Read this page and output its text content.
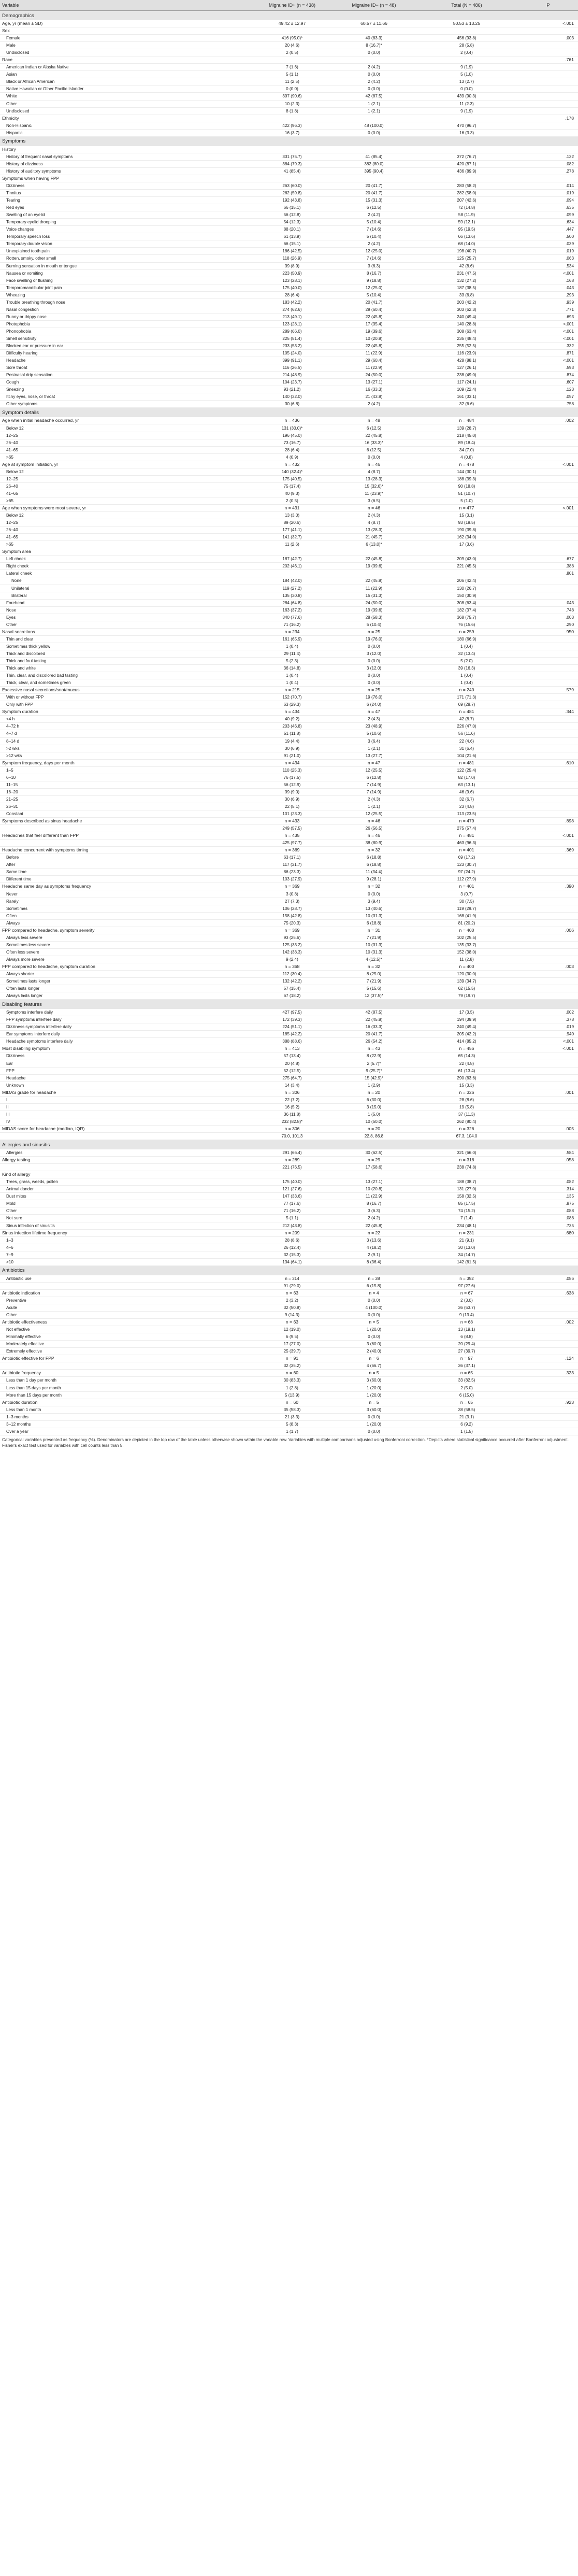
Variable	Migraine ID+ (n = 438)	Migraine ID− (n = 48)	Total (N = 486)	P
Demographics				
Age, yr (mean ± SD)	49.42 ± 12.97	60.57 ± 11.66	50.53 ± 13.25	<.001
Sex				
Female	416 (95.0)*	40 (83.3)	456 (93.8)	.003
Male	20 (4.6)	8 (16.7)*	28 (5.8)	
Undisclosed	2 (0.5)	0 (0.0)	2 (0.4)	
Race				.761
American Indian or Alaska Native	7 (1.6)	2 (4.2)	9 (1.9)	
Asian	5 (1.1)	0 (0.0)	5 (1.0)	
Black or African American	11 (2.5)	2 (4.2)	13 (2.7)	
Native Hawaiian or Other Pacific Islander	0 (0.0)	0 (0.0)	0 (0.0)	
White	397 (90.6)	42 (87.5)	439 (90.3)	
Other	10 (2.3)	1 (2.1)	11 (2.3)	
Undisclosed	8 (1.8)	1 (2.1)	9 (1.9)	
Ethnicity				.178
Non-Hispanic	422 (96.3)	48 (100.0)	470 (96.7)	
Hispanic	16 (3.7)	0 (0.0)	16 (3.3)	
Symptoms				
History				
History of frequent nasal symptoms	331 (75.7)	41 (85.4)	372 (76.7)	.132
History of dizziness	384 (79.3)	382 (80.0)	420 (87.1)	.082
History of auditory symptoms	41 (85.4)	395 (90.4)	436 (89.9)	.278
Symptoms when having FPP				
Dizziness	263 (60.0)	20 (41.7)	283 (58.2)	.014
Tinnitus	262 (59.8)	20 (41.7)	282 (58.0)	.019
Tearing	192 (43.8)	15 (31.3)	207 (42.6)	.094
Red eyes	66 (15.1)	6 (12.5)	72 (14.8)	.635
Swelling of an eyelid	56 (12.8)	2 (4.2)	58 (11.9)	.099
Temporary eyelid drooping	54 (12.3)	5 (10.4)	59 (12.1)	.634
Voice changes	88 (20.1)	7 (14.6)	95 (19.5)	.447
Temporary speech loss	61 (13.9)	5 (10.4)	66 (13.6)	.500
Temporary double vision	66 (15.1)	2 (4.2)	68 (14.0)	.039
Unexplained tooth pain	186 (42.5)	12 (25.0)	198 (40.7)	.019
Rotten, smoky, other smell	118 (26.9)	7 (14.6)	125 (25.7)	.063
Burning sensation in mouth or tongue	39 (8.9)	3 (6.3)	42 (8.6)	.534
Nausea or vomiting	223 (50.9)	8 (16.7)	231 (47.5)	<.001
Face swelling or flushing	123 (28.1)	9 (18.8)	132 (27.2)	.168
Temporomandibular joint pain	175 (40.0)	12 (25.0)	187 (38.5)	.043
Wheezing	28 (6.4)	5 (10.4)	33 (6.8)	.293
Trouble breathing through nose	183 (42.2)	20 (41.7)	203 (42.2)	.939
Nasal congestion	274 (62.6)	29 (60.4)	303 (62.3)	.771
Runny or drippy nose	213 (49.1)	22 (45.8)	240 (49.4)	.693
Photophobia	123 (28.1)	17 (35.4)	140 (28.8)	<.001
Phonophobia	289 (66.0)	19 (39.6)	308 (63.4)	<.001
Smell sensitivity	225 (51.4)	10 (20.8)	235 (48.4)	<.001
Blocked ear or pressure in ear	233 (53.2)	22 (45.8)	255 (52.5)	.332
Difficulty hearing	105 (24.0)	11 (22.9)	116 (23.9)	.871
Headache	399 (91.1)	29 (60.4)	428 (88.1)	<.001
Sore throat	116 (26.5)	11 (22.9)	127 (26.1)	.593
Postnasal drip sensation	214 (48.9)	24 (50.0)	238 (49.0)	.874
Cough	104 (23.7)	13 (27.1)	117 (24.1)	.607
Sneezing	93 (21.2)	16 (33.3)	109 (22.4)	.123
Itchy eyes, nose, or throat	140 (32.0)	21 (43.8)	161 (33.1)	.057
Other symptoms	30 (6.8)	2 (4.2)	32 (6.6)	.758
Symptom details				
Age when initial headache occurred, yr	n = 436	n = 48	n = 484	.002
Below 12	131 (30.0)*	6 (12.5)	139 (28.7)	
12–25	196 (45.0)	22 (45.8)	218 (45.0)	
26–40	73 (16.7)	16 (33.3)*	89 (18.4)	
41–65	28 (6.4)	6 (12.5)	34 (7.0)	
>65	4 (0.9)	0 (0.0)	4 (0.8)	
Age at symptom initiation, yr	n = 432	n = 46	n = 478	<.001
Below 12	140 (32.4)*	4 (8.7)	144 (30.1)	
12–25	175 (40.5)	13 (28.3)	188 (39.3)	
26–40	75 (17.4)	15 (32.6)*	90 (18.8)	
41–65	40 (9.3)	11 (23.9)*	51 (10.7)	
>65	2 (0.5)	3 (6.5)	5 (1.0)	
Age when symptoms were most severe, yr	n = 431	n = 46	n = 477	<.001
Below 12	13 (3.0)	2 (4.3)	15 (3.1)	
12–25	89 (20.6)	4 (8.7)	93 (19.5)	
26–40	177 (41.1)	13 (28.3)	190 (39.8)	
41–65	141 (32.7)	21 (45.7)	162 (34.0)	
>65	11 (2.6)	6 (13.0)*	17 (3.6)	
Symptom area				
Left cheek	187 (42.7)	22 (45.8)	209 (43.0)	.677
Right cheek	202 (46.1)	19 (39.6)	221 (45.5)	.388
Lateral cheek				.801
None	184 (42.0)	22 (45.8)	206 (42.4)	
Unilateral	119 (27.2)	11 (22.9)	130 (26.7)	
Bilateral	135 (30.8)	15 (31.3)	150 (30.9)	
Forehead	284 (64.8)	24 (50.0)	308 (63.4)	.043
Nose	163 (37.2)	19 (39.6)	182 (37.4)	.748
Eyes	340 (77.6)	28 (58.3)	368 (75.7)	.003
Other	71 (16.2)	5 (10.4)	76 (15.6)	.290
Nasal secretions	n = 234	n = 25	n = 259	.950
Thin and clear	161 (65.9)	19 (76.0)	180 (66.9)	
Sometimes thick yellow	1 (0.4)	0 (0.0)	1 (0.4)	
Thick and discolored	29 (11.4)	3 (12.0)	32 (13.4)	
Thick and foul tasting	5 (2.3)	0 (0.0)	5 (2.0)	
Thick and white	36 (14.8)	3 (12.0)	39 (16.3)	
Thin, clear, and discolored bad tasting	1 (0.4)	0 (0.0)	1 (0.4)	
Thick, clear, and sometimes green	1 (0.4)	0 (0.0)	1 (0.4)	
Excessive nasal secretions/snot/mucus	n = 215	n = 25	n = 240	.579
With or without FPP	152 (70.7)	19 (76.0)	171 (71.3)	
Only with FPP	63 (29.3)	6 (24.0)	69 (28.7)	
Symptom duration	n = 434	n = 47	n = 481	.344
<4 h	40 (9.2)	2 (4.3)	42 (8.7)	
4–72 h	203 (46.8)	23 (48.9)	226 (47.0)	
4–7 d	51 (11.8)	5 (10.6)	56 (11.6)	
8–14 d	19 (4.4)	3 (6.4)	22 (4.6)	
>2 wks	30 (6.9)	1 (2.1)	31 (6.4)	
>12 wks	91 (21.0)	13 (27.7)	104 (21.6)	
Symptom frequency, days per month	n = 434	n = 47	n = 481	.610
1–5	110 (25.3)	12 (25.5)	122 (25.4)	
6–10	76 (17.5)	6 (12.8)	82 (17.0)	
11–15	56 (12.9)	7 (14.9)	63 (13.1)	
16–20	39 (9.0)	7 (14.9)	46 (9.6)	
21–25	30 (6.9)	2 (4.3)	32 (6.7)	
26–31	22 (5.1)	1 (2.1)	23 (4.8)	
Constant	101 (23.3)	12 (25.5)	113 (23.5)	
Symptoms described as sinus headache	n = 433	n = 46	n = 479	.898
	249 (57.5)	26 (56.5)	275 (57.4)	
Headaches that feel different than FPP	n = 435	n = 46	n = 481	<.001
	425 (97.7)	38 (80.9)	463 (96.3)	
Headache concurrent with symptoms timing	n = 369	n = 32	n = 401	.369
Before	63 (17.1)	6 (18.8)	69 (17.2)	
After	117 (31.7)	6 (18.8)	123 (30.7)	
Same time	86 (23.3)	11 (34.4)	97 (24.2)	
Different time	103 (27.9)	9 (28.1)	112 (27.9)	
Headache same day as symptoms frequency	n = 369	n = 32	n = 401	.390
Never	3 (0.8)	0 (0.0)	3 (0.7)	
Rarely	27 (7.3)	3 (9.4)	30 (7.5)	
Sometimes	106 (28.7)	13 (40.6)	119 (29.7)	
Often	158 (42.8)	10 (31.3)	168 (41.9)	
Always	75 (20.3)	6 (18.8)	81 (20.2)	
FPP compared to headache, symptom severity	n = 369	n = 31	n = 400	.006
Always less severe	93 (25.6)	7 (21.9)	102 (25.5)	
Sometimes less severe	125 (33.2)	10 (31.3)	135 (33.7)	
Often less severe	142 (38.3)	10 (31.3)	152 (38.0)	
Always more severe	9 (2.4)	4 (12.5)*	11 (2.8)	
FPP compared to headache, symptom duration	n = 368	n = 32	n = 400	.003
Always shorter	112 (30.4)	8 (25.0)	120 (30.0)	
Sometimes lasts longer	132 (42.2)	7 (21.9)	139 (34.7)	
Often lasts longer	57 (15.4)	5 (15.6)	62 (15.5)	
Always lasts longer	67 (18.2)	12 (37.5)*	79 (19.7)	
Disabling features				
Symptoms interfere daily	427 (97.5)	42 (87.5)	17 (3.5)	.002
FPP symptoms interfere daily	172 (39.3)	22 (45.8)	194 (39.9)	.378
Dizziness symptoms interfere daily	224 (51.1)	16 (33.3)	240 (49.4)	.019
Ear symptoms interfere daily	185 (42.2)	20 (41.7)	205 (42.2)	.940
Headache symptoms interfere daily	388 (88.6)	26 (54.2)	414 (85.2)	<.001
Most disabling symptom	n = 413	n = 43	n = 456	<.001
Dizziness	57 (13.4)	8 (22.9)	65 (14.3)	
Ear	20 (4.8)	2 (5.7)*	22 (4.8)	
FPP	52 (12.5)	9 (25.7)*	61 (13.4)	
Headache	275 (64.7)	15 (42.9)*	290 (63.6)	
Unknown	14 (3.4)	1 (2.9)	15 (3.3)	
MIDAS grade for headache	n = 306	n = 20	n = 326	.001
I	22 (7.2)	6 (30.0)	28 (8.6)	
II	16 (5.2)	3 (15.0)	19 (5.8)	
III	36 (11.8)	1 (5.0)	37 (11.3)	
IV	232 (82.8)*	10 (50.0)	262 (80.4)	
MIDAS score for headache (median, IQR)	n = 306	n = 20	n = 326	.005
	70.0, 101.3	22.8, 86.8	67.3, 104.0	
Allergies and sinusitis				
Allergies	291 (66.4)	30 (62.5)	321 (66.0)	.584
Allergy testing	n = 289	n = 29	n = 318	.058
	221 (76.5)	17 (58.6)	238 (74.8)	
Kind of allergy				
Trees, grass, weeds, pollen	175 (40.0)	13 (27.1)	188 (38.7)	.082
Animal dander	121 (27.6)	10 (20.8)	131 (27.0)	.314
Dust mites	147 (33.6)	11 (22.9)	158 (32.5)	.135
Mold	77 (17.6)	8 (16.7)	85 (17.5)	.875
Other	71 (16.2)	3 (6.3)	74 (15.2)	.088
Not sure	5 (1.1)	2 (4.2)	7 (1.4)	.088
Sinus infection of sinusitis	212 (43.8)	22 (45.8)	234 (48.1)	.735
Sinus infection lifetime frequency	n = 209	n = 22	n = 231	.680
1–3	28 (8.6)	3 (13.6)	21 (9.1)	
4–6	26 (12.4)	4 (18.2)	30 (13.0)	
7–9	32 (15.3)	2 (9.1)	34 (14.7)	
>10	134 (64.1)	8 (36.4)	142 (61.5)	
Antibiotics				
Antibiotic use	n = 314	n = 38	n = 352	.086
	91 (29.0)	6 (15.8)	97 (27.6)	
Antibiotic indication	n = 63	n = 4	n = 67	.638
Preventive	2 (3.2)	0 (0.0)	2 (3.0)	
Acute	32 (50.8)	4 (100.0)	36 (53.7)	
Other	9 (14.3)	0 (0.0)	9 (13.4)	
Antibiotic effectiveness	n = 63	n = 5	n = 68	.002
Not effective	12 (19.0)	1 (20.0)	13 (19.1)	
Minimally effective	6 (9.5)	0 (0.0)	6 (8.8)	
Moderately effective	17 (27.0)	3 (60.0)	20 (29.4)	
Extremely effective	25 (39.7)	2 (40.0)	27 (39.7)	
Antibiotic effective for FPP	n = 91	n = 6	n = 97	.124
	32 (35.2)	4 (66.7)	36 (37.1)	
Antibiotic frequency	n = 60	n = 5	n = 65	.323
Less than 1 day per month	30 (83.3)	3 (60.0)	33 (82.5)	
Less than 15 days per month	1 (2.8)	1 (20.0)	2 (5.0)	
More than 15 days per month	5 (13.9)	1 (20.0)	6 (15.0)	
Antibiotic duration	n = 60	n = 5	n = 65	.923
Less than 1 month	35 (58.3)	3 (60.0)	38 (58.5)	
1–3 months	21 (3.3)	0 (0.0)	21 (3.1)	
3–12 months	5 (8.3)	1 (20.0)	6 (9.2)	
Over a year	1 (1.7)	0 (0.0)	1 (1.5)	
Categorical variables presented as frequency (%). Denominators are depicted in the top row of the table unless otherwise shown within the variable row. Variables with multiple comparisons adjusted using Bonferroni correction. *Depicts where statistical significance occurred after Bonferroni adjustment. Fisher's exact test used for variables with cell counts less than 5.
